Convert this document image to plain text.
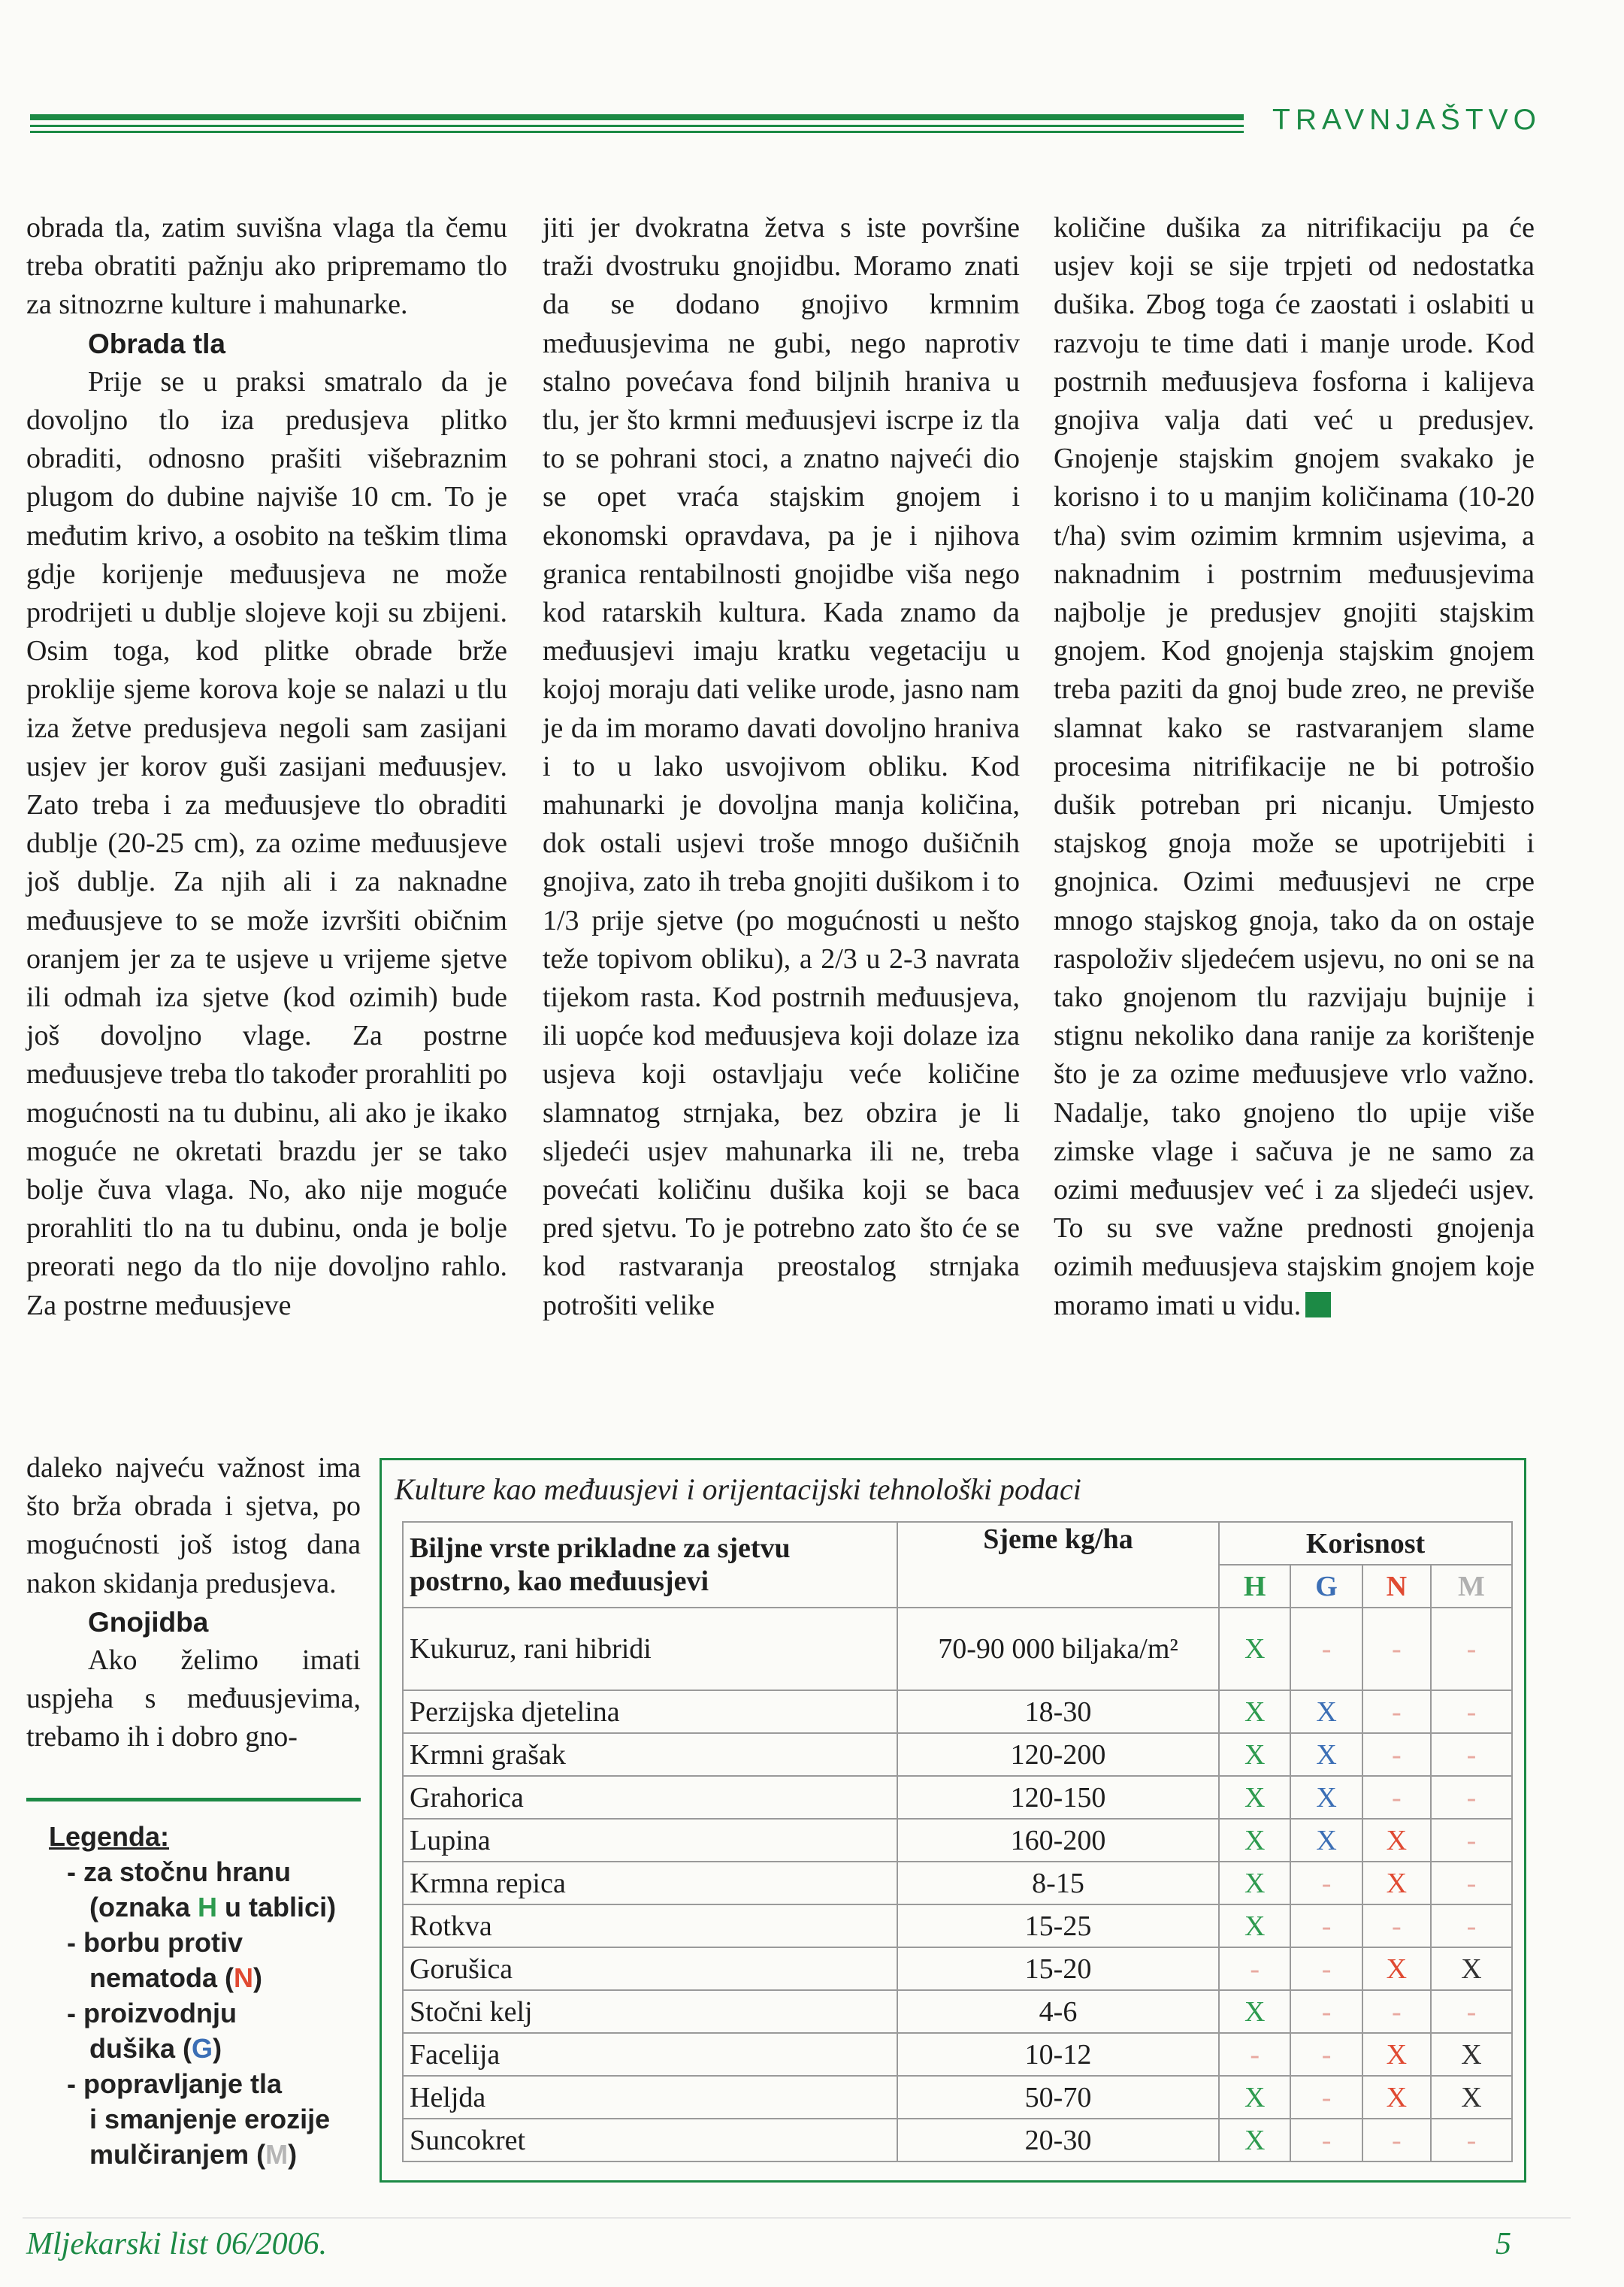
TRAVNJAŠTVO

obrada tla, zatim suvišna vlaga tla čemu treba obratiti pažnju ako pripremamo tlo za sitnozrne kulture i mahunarke.

Obrada tla

Prije se u praksi smatralo da je dovoljno tlo iza predusjeva plitko obraditi, odnosno prašiti višebraznim plugom do dubine najviše 10 cm. To je međutim krivo, a osobito na teškim tlima gdje korijenje međuusjeva ne može prodrijeti u dublje slojeve koji su zbijeni. Osim toga, kod plitke obrade brže proklije sjeme korova koje se nalazi u tlu iza žetve predusjeva negoli sam zasijani usjev jer korov guši zasijani međuusjev. Zato treba i za međuusjeve tlo obraditi dublje (20-25 cm), za ozime međuusjeve još dublje. Za njih ali i za naknadne međuusjeve to se može izvršiti običnim oranjem jer za te usjeve u vrijeme sjetve ili odmah iza sjetve (kod ozimih) bude još dovoljno vlage. Za postrne međuusjeve treba tlo također prorahliti po mogućnosti na tu dubinu, ali ako je ikako moguće ne okretati brazdu jer se tako bolje čuva vlaga. No, ako nije moguće prorahliti tlo na tu dubinu, onda je bolje preorati nego da tlo nije dovoljno rahlo. Za postrne međuusjeve

daleko najveću važnost ima što brža obrada i sjetva, po mogućnosti još istog dana nakon skidanja predusjeva.

Gnojidba

Ako želimo imati uspjeha s međuusjevima, trebamo ih i dobro gno-

jiti jer dvokratna žetva s iste površine traži dvostruku gnojidbu. Moramo znati da se dodano gnojivo krmnim međuusjevima ne gubi, nego naprotiv stalno povećava fond biljnih hraniva u tlu, jer što krmni međuusjevi iscrpe iz tla to se pohrani stoci, a znatno najveći dio se opet vraća stajskim gnojem i ekonomski opravdava, pa je i njihova granica rentabilnosti gnojidbe viša nego kod ratarskih kultura. Kada znamo da međuusjevi imaju kratku vegetaciju u kojoj moraju dati velike urode, jasno nam je da im moramo davati dovoljno hraniva i to u lako usvojivom obliku. Kod mahunarki je dovoljna manja količina, dok ostali usjevi troše mnogo dušičnih gnojiva, zato ih treba gnojiti dušikom i to 1/3 prije sjetve (po mogućnosti u nešto teže topivom obliku), a 2/3 u 2-3 navrata tijekom rasta. Kod postrnih međuusjeva, ili uopće kod međuusjeva koji dolaze iza usjeva koji ostavljaju veće količine slamnatog strnjaka, bez obzira je li sljedeći usjev mahunarka ili ne, treba povećati količinu dušika koji se baca pred sjetvu. To je potrebno zato što će se kod rastvaranja preostalog strnjaka potrošiti velike

količine dušika za nitrifikaciju pa će usjev koji se sije trpjeti od nedostatka dušika. Zbog toga će zaostati i oslabiti u razvoju te time dati i manje urode. Kod postrnih međuusjeva fosforna i kalijeva gnojiva valja dati već u predusjev. Gnojenje stajskim gnojem svakako je korisno i to u manjim količinama (10-20 t/ha) svim ozimim krmnim usjevima, a naknadnim i postrnim međuusjevima najbolje je predusjev gnojiti stajskim gnojem. Kod gnojenja stajskim gnojem treba paziti da gnoj bude zreo, ne previše slamnat kako se rastvaranjem slame procesima nitrifikacije ne bi potrošio dušik potreban pri nicanju. Umjesto stajskog gnoja može se upotrijebiti i gnojnica. Ozimi međuusjevi ne crpe mnogo stajskog gnoja, tako da on ostaje raspoloživ sljedećem usjevu, no oni se na tako gnojenom tlu razvijaju bujnije i stignu nekoliko dana ranije za korištenje što je za ozime međuusjeve vrlo važno. Nadalje, tako gnojeno tlo upije više zimske vlage i sačuva je ne samo za ozimi međuusjev već i za sljedeći usjev. To su sve važne prednosti gnojenja ozimih međuusjeva stajskim gnojem koje moramo imati u vidu.

Legenda:
- za stočnu hranu
(oznaka H u tablici)
- borbu protiv
nematoda (N)
- proizvodnju
dušika (G)
- popravljanje tla
i smanjenje erozije
mulčiranjem (M)
Kulture kao međuusjevi i orijentacijski tehnološki podaci
Biljne vrste prikladne za sjetvu postrno, kao međuusjevi	Sjeme kg/ha	Korisnost			
		H	G	N	M
Kukuruz, rani hibridi	70-90 000 biljaka/m²	X	-	-	-
Perzijska djetelina	18-30	X	X	-	-
Krmni grašak	120-200	X	X	-	-
Grahorica	120-150	X	X	-	-
Lupina	160-200	X	X	X	-
Krmna repica	8-15	X	-	X	-
Rotkva	15-25	X	-	-	-
Gorušica	15-20	-	-	X	X
Stočni kelj	4-6	X	-	-	-
Facelija	10-12	-	-	X	X
Heljda	50-70	X	-	X	X
Suncokret	20-30	X	-	-	-
Mljekarski list 06/2006.	5
